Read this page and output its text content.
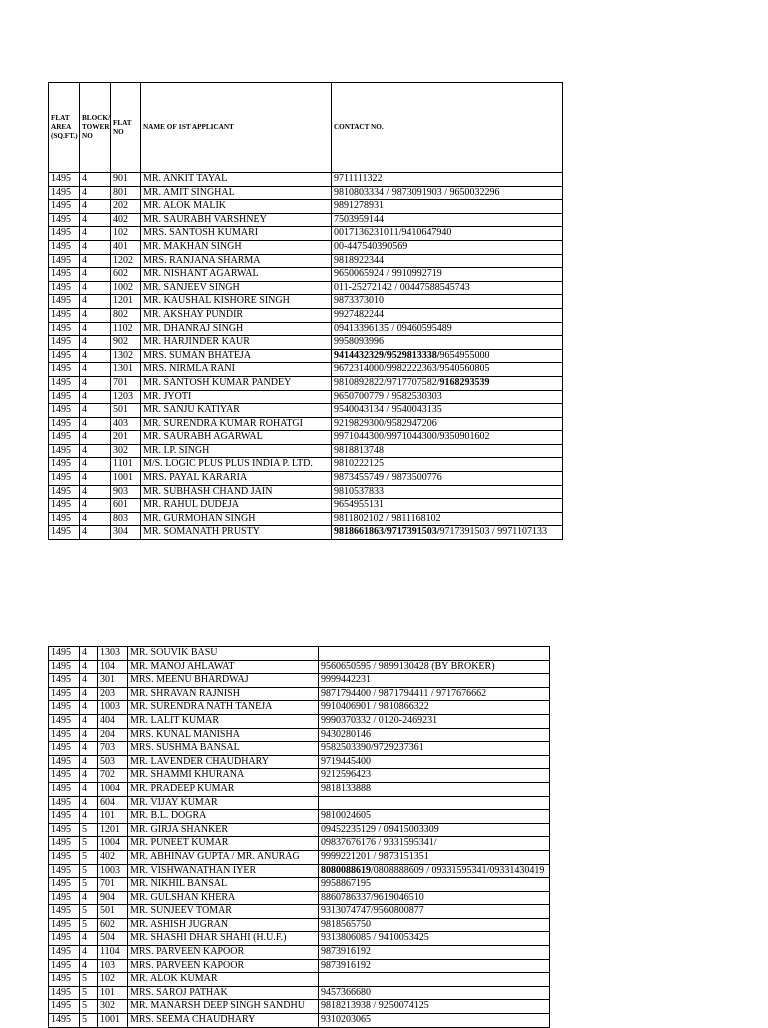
FLAT AREA (SQ.FT.)	BLOCK/ TOWER NO	FLAT NO	NAME OF 1ST APPLICANT	CONTACT NO.
1495	4	901	MR. ANKIT TAYAL	9711111322
1495	4	801	MR. AMIT SINGHAL	9810803334 / 9873091903 / 9650032296
1495	4	202	MR. ALOK MALIK	9891278931
1495	4	402	MR. SAURABH VARSHNEY	7503959144
1495	4	102	MRS. SANTOSH KUMARI	0017136231011/9410647940
1495	4	401	MR. MAKHAN SINGH	00-447540390569
1495	4	1202	MRS. RANJANA SHARMA	9818922344
1495	4	602	MR. NISHANT AGARWAL	9650065924 / 9910992719
1495	4	1002	MR. SANJEEV SINGH	011-25272142 / 00447588545743
1495	4	1201	MR. KAUSHAL KISHORE SINGH	9873373010
1495	4	802	MR. AKSHAY PUNDIR	9927482244
1495	4	1102	MR. DHANRAJ SINGH	09413396135 / 09460595489
1495	4	902	MR. HARJINDER KAUR	9958093996
1495	4	1302	MRS. SUMAN BHATEJA	9414432329/9529813338/9654955000
1495	4	1301	MRS. NIRMLA RANI	9672314000/9982222363/9540560805
1495	4	701	MR. SANTOSH KUMAR PANDEY	9810892822/9717707582/9168293539
1495	4	1203	MR. JYOTI	9650700779 / 9582530303
1495	4	501	MR. SANJU KATIYAR	9540043134 / 9540043135
1495	4	403	MR. SURENDRA KUMAR ROHATGI	9219829300/9582947206
1495	4	201	MR. SAURABH AGARWAL	9971044300/9971044300/9350901602
1495	4	302	MR. I.P. SINGH	9818813748
1495	4	1101	M/S. LOGIC PLUS PLUS INDIA P. LTD.	9810222125
1495	4	1001	MRS. PAYAL KARARIA	9873455749 / 9873500776
1495	4	903	MR. SUBHASH CHAND JAIN	9810537833
1495	4	601	MR. RAHUL DUDEJA	9654955131
1495	4	803	MR. GURMOHAN SINGH	9811802102 / 9811168102
1495	4	304	MR. SOMANATH PRUSTY	9818661863/9717391503/9717391503 / 9971107133
1495	4	1303	MR. SOUVIK BASU	
1495	4	104	MR. MANOJ AHLAWAT	9560650595 / 9899130428 (BY BROKER)
1495	4	301	MRS. MEENU BHARDWAJ	9999442231
1495	4	203	MR. SHRAVAN RAJNISH	9871794400 / 9871794411 / 9717676662
1495	4	1003	MR. SURENDRA NATH TANEJA	9910406901 / 9810866322
1495	4	404	MR. LALIT KUMAR	9990370332 / 0120-2469231
1495	4	204	MRS. KUNAL MANISHA	9430280146
1495	4	703	MRS. SUSHMA BANSAL	9582503390/9729237361
1495	4	503	MR. LAVENDER CHAUDHARY	9719445400
1495	4	702	MR. SHAMMI KHURANA	9212596423
1495	4	1004	MR. PRADEEP KUMAR	9818133888
1495	4	604	MR. VIJAY KUMAR	
1495	4	101	MR. B.L. DOGRA	9810024605
1495	5	1201	MR. GIRJA SHANKER	09452235129 / 09415003309
1495	5	1004	MR. PUNEET KUMAR	09837676176 / 9331595341/
1495	5	402	MR. ABHINAV GUPTA / MR. ANURAG	9999221201 / 9873151351
1495	5	1003	MR. VISHWANATHAN IYER	8080088619/0808888609 / 09331595341/09331430419
1495	5	701	MR. NIKHIL BANSAL	9958867195
1495	4	904	MR. GULSHAN KHERA	8860786337/9619046510
1495	5	501	MR. SUNJEEV TOMAR	9313074747/9560800877
1495	5	602	MR. ASHISH JUGRAN	9818565750
1495	4	504	MR. SHASHI DHAR SHAHI (H.U.F.)	9313806085 / 9410053425
1495	4	1104	MRS. PARVEEN KAPOOR	9873916192
1495	4	103	MRS. PARVEEN KAPOOR	9873916192
1495	5	102	MR. ALOK KUMAR	
1495	5	101	MRS. SAROJ PATHAK	9457366680
1495	5	302	MR. MANARSH DEEP SINGH SANDHU	9818213938 / 9250074125
1495	5	1001	MRS. SEEMA CHAUDHARY	9310203065
